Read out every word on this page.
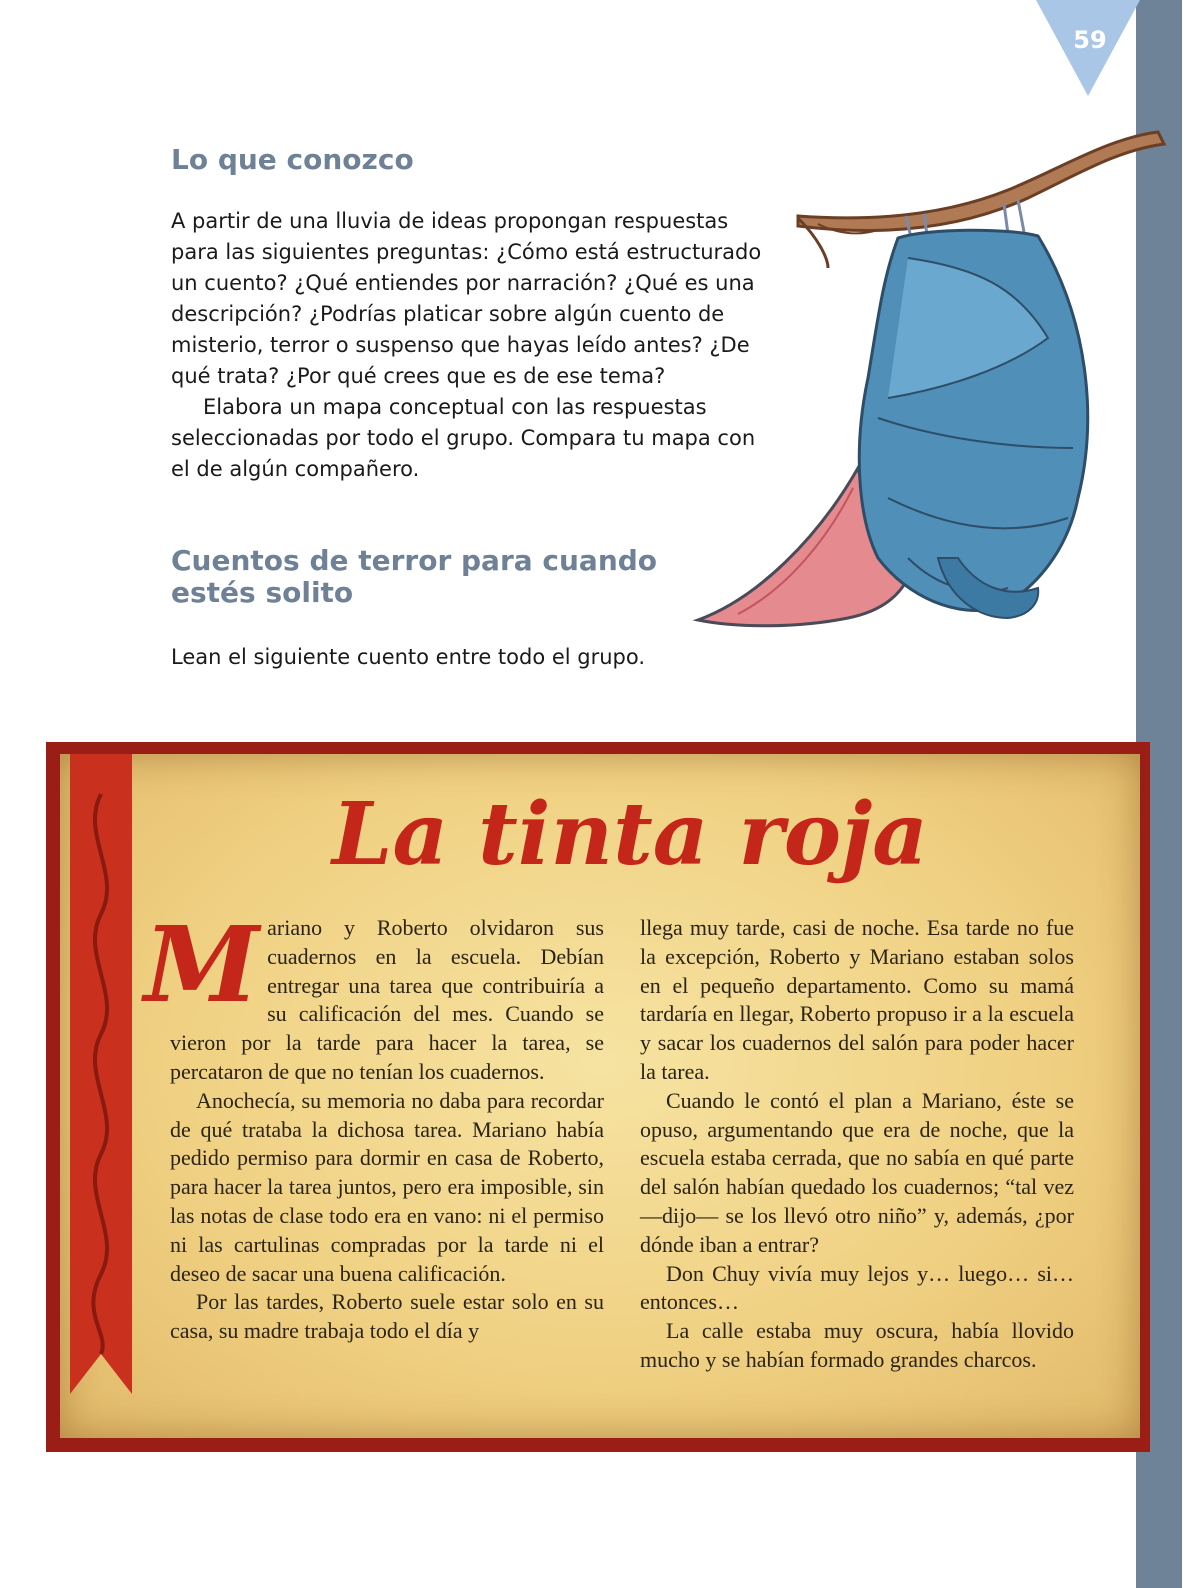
59
Lo que conozco

A partir de una lluvia de ideas propongan respuestas para las siguientes preguntas: ¿Cómo está estructurado un cuento? ¿Qué entiendes por narración? ¿Qué es una descripción? ¿Podrías platicar sobre algún cuento de misterio, terror o suspenso que hayas leído antes? ¿De qué trata? ¿Por qué crees que es de ese tema?

Elabora un mapa conceptual con las respuestas seleccionadas por todo el grupo. Compara tu mapa con el de algún compañero.

Cuentos de terror para cuando estés solito
Lean el siguiente cuento entre todo el grupo.
La tinta roja

Mariano y Roberto olvidaron sus cuadernos en la escuela. Debían entregar una tarea que contribuiría a su calificación del mes. Cuando se vieron por la tarde para hacer la tarea, se percataron de que no tenían los cuadernos.

Anochecía, su memoria no daba para recordar de qué trataba la dichosa tarea. Mariano había pedido permiso para dormir en casa de Roberto, para hacer la tarea juntos, pero era imposible, sin las notas de clase todo era en vano: ni el permiso ni las cartulinas compradas por la tarde ni el deseo de sacar una buena calificación.

Por las tardes, Roberto suele estar solo en su casa, su madre trabaja todo el día y

llega muy tarde, casi de noche. Esa tarde no fue la excepción, Roberto y Mariano estaban solos en el pequeño departamento. Como su mamá tardaría en llegar, Roberto propuso ir a la escuela y sacar los cuadernos del salón para poder hacer la tarea.

Cuando le contó el plan a Mariano, éste se opuso, argumentando que era de noche, que la escuela estaba cerrada, que no sabía en qué parte del salón habían quedado los cuadernos; “tal vez —dijo— se los llevó otro niño” y, además, ¿por dónde iban a entrar?

Don Chuy vivía muy lejos y… luego… si… entonces…

La calle estaba muy oscura, había llovido mucho y se habían formado grandes charcos.
